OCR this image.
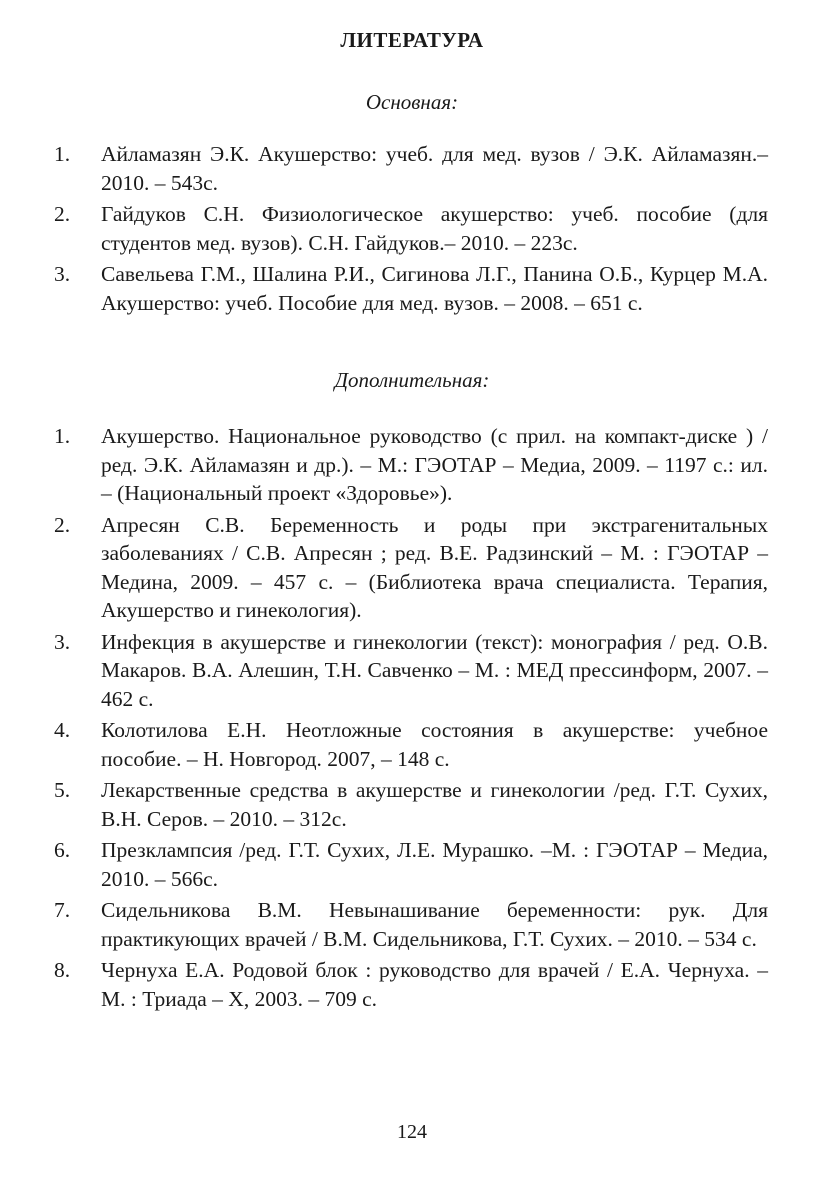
ЛИТЕРАТУРА
Основная:
1. Айламазян Э.К. Акушерство: учеб. для мед. вузов / Э.К. Айламазян.– 2010. – 543с.
2. Гайдуков С.Н. Физиологическое акушерство: учеб. пособие (для студентов мед. вузов). С.Н. Гайдуков.– 2010. – 223с.
3. Савельева Г.М., Шалина Р.И., Сигинова Л.Г., Панина О.Б., Курцер М.А. Акушерство: учеб. Пособие для мед. вузов. – 2008. – 651 с.
Дополнительная:
1. Акушерство. Национальное руководство (с прил. на компакт-диске ) /ред. Э.К. Айламазян и др.). – М.: ГЭОТАР – Медиа, 2009. – 1197 с.: ил. – (Национальный проект «Здоровье»).
2. Апресян С.В. Беременность и роды при экстрагенитальных заболеваниях / С.В. Апресян ; ред. В.Е. Радзинский – М. : ГЭОТАР – Медина, 2009. – 457 с. – (Библиотека врача специалиста. Терапия, Акушерство и гинекология).
3. Инфекция в акушерстве и гинекологии (текст): монография / ред. О.В. Макаров. В.А. Алешин, Т.Н. Савченко – М. : МЕД прессинформ, 2007. – 462 с.
4. Колотилова Е.Н. Неотложные состояния в акушерстве: учебное пособие. – Н. Новгород. 2007, – 148 с.
5. Лекарственные средства в акушерстве и гинекологии /ред. Г.Т. Сухих, В.Н. Серов. – 2010. – 312с.
6. Презклампсия /ред. Г.Т. Сухих, Л.Е. Мурашко. –М. : ГЭОТАР – Медиа, 2010. – 566с.
7. Сидельникова В.М. Невынашивание беременности: рук. Для практикующих врачей / В.М. Сидельникова, Г.Т. Сухих. – 2010. – 534 с.
8. Чернуха Е.А. Родовой блок : руководство для врачей / Е.А. Чернуха. – М. : Триада – Х, 2003. – 709 с.
124
